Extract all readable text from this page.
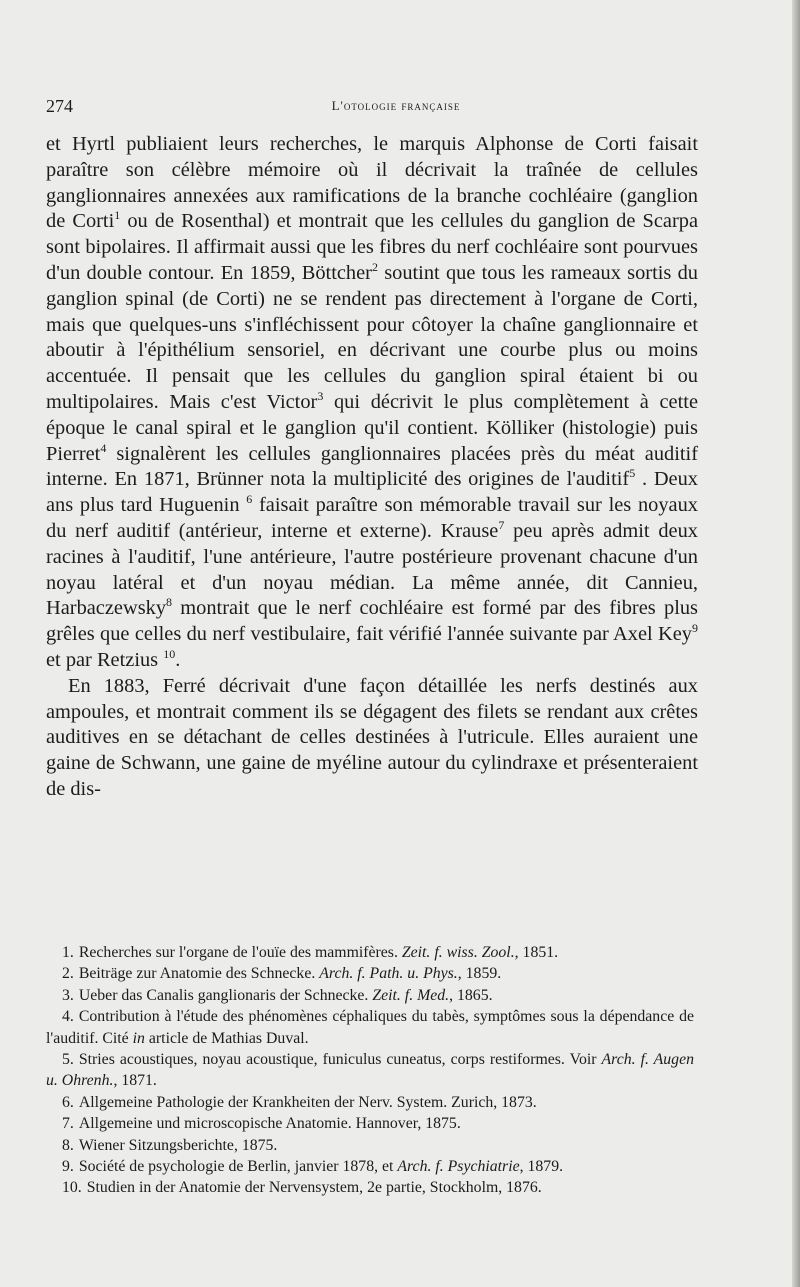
274	L'otologie française

et Hyrtl publiaient leurs recherches, le marquis Alphonse de Corti faisait paraître son célèbre mémoire où il décrivait la traînée de cellules ganglionnaires annexées aux ramifications de la branche cochléaire (ganglion de Corti$^1$ ou de Rosenthal) et montrait que les cellules du ganglion de Scarpa sont bipolaires. Il affirmait aussi que les fibres du nerf cochléaire sont pourvues d'un double contour. En 1859, Böttcher$^2$ soutint que tous les rameaux sortis du ganglion spinal (de Corti) ne se rendent pas directement à l'organe de Corti, mais que quelques-uns s'infléchissent pour côtoyer la chaîne ganglionnaire et aboutir à l'épithélium sensoriel, en décrivant une courbe plus ou moins accentuée. Il pensait que les cellules du ganglion spiral étaient bi ou multipolaires. Mais c'est Victor$^3$ qui décrivit le plus complètement à cette époque le canal spiral et le ganglion qu'il contient. Kölliker (histologie) puis Pierret$^4$ signalèrent les cellules ganglionnaires placées près du méat auditif interne. En 1871, Brünner nota la multiplicité des origines de l'auditif$^5$ . Deux ans plus tard Huguenin $^6$ faisait paraître son mémorable travail sur les noyaux du nerf auditif (antérieur, interne et externe). Krause$^7$ peu après admit deux racines à l'auditif, l'une antérieure, l'autre postérieure provenant chacune d'un noyau latéral et d'un noyau médian. La même année, dit Cannieu, Harbaczewsky$^8$ montrait que le nerf cochléaire est formé par des fibres plus grêles que celles du nerf vestibulaire, fait vérifié l'année suivante par Axel Key$^9$ et par Retzius $^{10}$.

En 1883, Ferré décrivait d'une façon détaillée les nerfs destinés aux ampoules, et montrait comment ils se dégagent des filets se rendant aux crêtes auditives en se détachant de celles destinées à l'utricule. Elles auraient une gaine de Schwann, une gaine de myéline autour du cylindraxe et présenteraient de dis-

1. Recherches sur l'organe de l'ouïe des mammifères. Zeit. f. wiss. Zool., 1851.

2. Beiträge zur Anatomie des Schnecke. Arch. f. Path. u. Phys., 1859.

3. Ueber das Canalis ganglionaris der Schnecke. Zeit. f. Med., 1865.

4. Contribution à l'étude des phénomènes céphaliques du tabès, symptômes sous la dépendance de l'auditif. Cité in article de Mathias Duval.

5. Stries acoustiques, noyau acoustique, funiculus cuneatus, corps restiformes. Voir Arch. f. Augen u. Ohrenh., 1871.

6. Allgemeine Pathologie der Krankheiten der Nerv. System. Zurich, 1873.

7. Allgemeine und microscopische Anatomie. Hannover, 1875.

8. Wiener Sitzungsberichte, 1875.

9. Société de psychologie de Berlin, janvier 1878, et Arch. f. Psychiatrie, 1879.

10. Studien in der Anatomie der Nervensystem, 2e partie, Stockholm, 1876.
